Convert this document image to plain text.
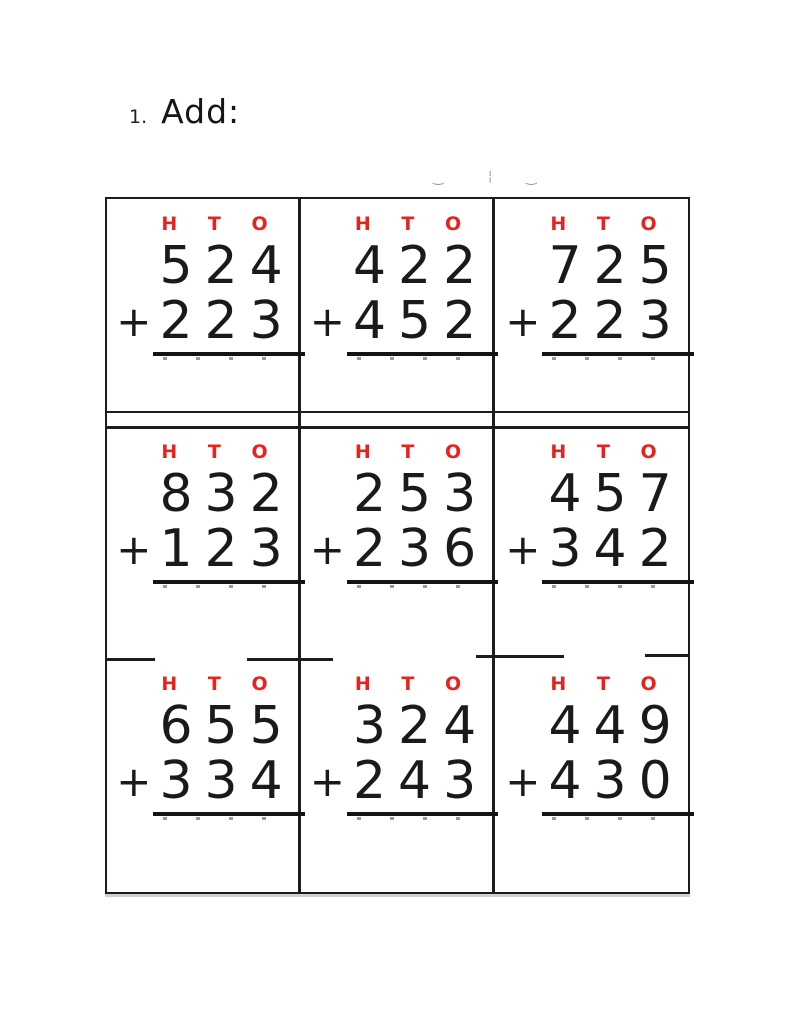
1. Add:
‿	¦	‿
H T O
524
+ 223
H T O
422
+ 452
H T O
725
+ 223
H T O
832
+ 123
H T O
253
+ 236
H T O
457
+ 342
H T O
655
+ 334
H T O
324
+ 243
H T O
449
+ 430
